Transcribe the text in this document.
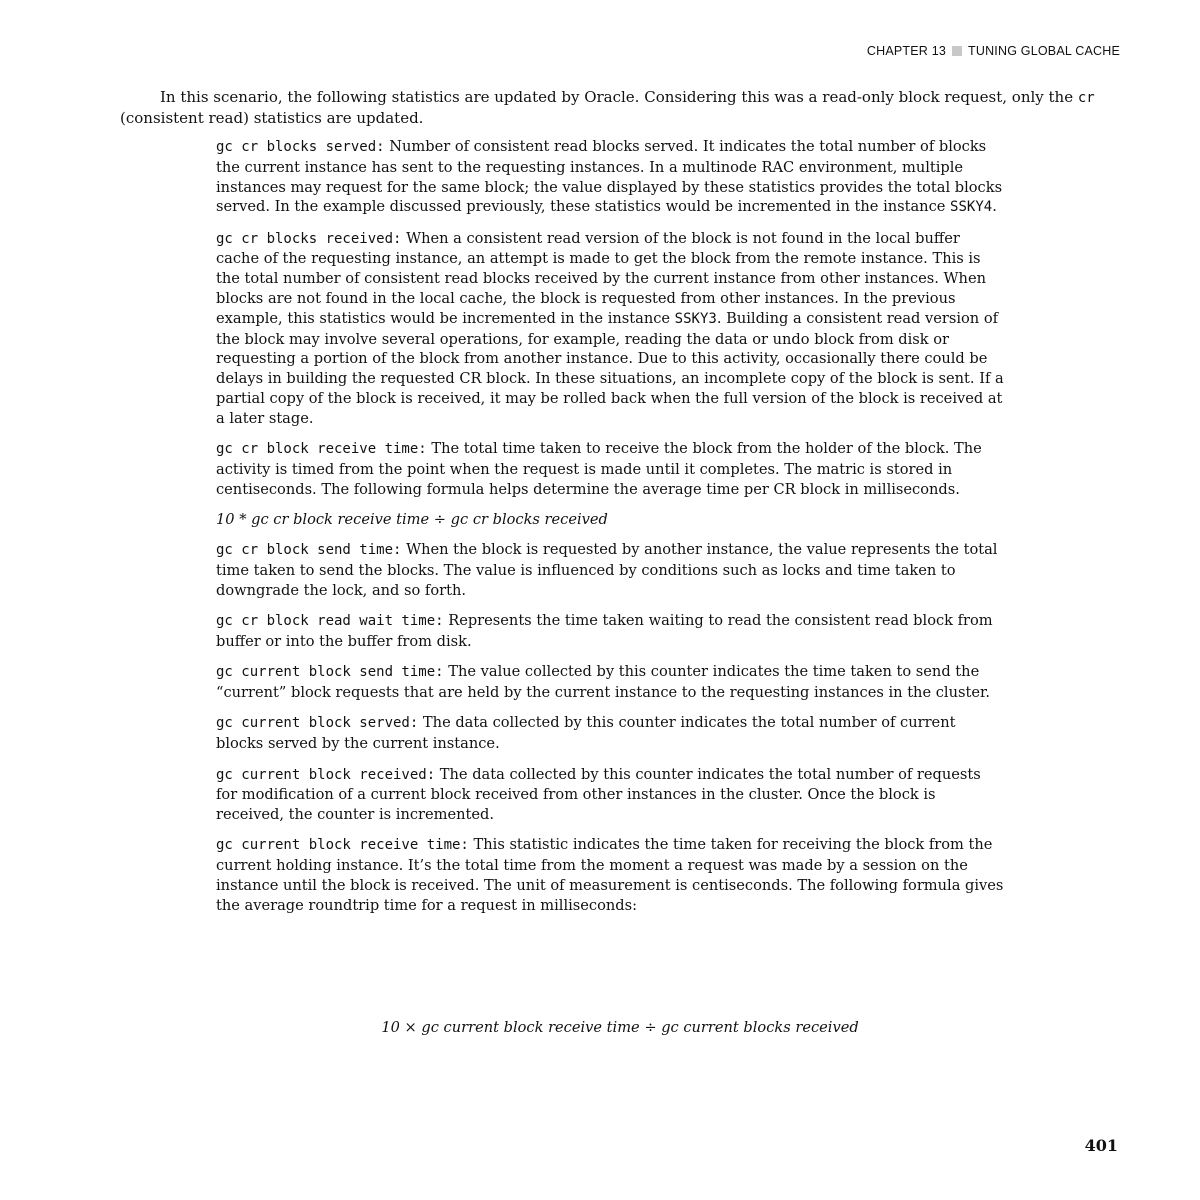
CHAPTER 13 TUNING GLOBAL CACHE

In this scenario, the following statistics are updated by Oracle. Considering this was a read-only block request, only the cr (consistent read) statistics are updated.

gc cr blocks served: Number of consistent read blocks served. It indicates the total number of blocks the current instance has sent to the requesting instances. In a multinode RAC environment, multiple instances may request for the same block; the value displayed by these statistics provides the total blocks served. In the example discussed previously, these statistics would be incremented in the instance SSKY4.

gc cr blocks received: When a consistent read version of the block is not found in the local buffer cache of the requesting instance, an attempt is made to get the block from the remote instance. This is the total number of consistent read blocks received by the current instance from other instances. When blocks are not found in the local cache, the block is requested from other instances. In the previous example, this statistics would be incremented in the instance SSKY3. Building a consistent read version of the block may involve several operations, for example, reading the data or undo block from disk or requesting a portion of the block from another instance. Due to this activity, occasionally there could be delays in building the requested CR block. In these situations, an incomplete copy of the block is sent. If a partial copy of the block is received, it may be rolled back when the full version of the block is received at a later stage.

gc cr block receive time: The total time taken to receive the block from the holder of the block. The activity is timed from the point when the request is made until it completes. The matric is stored in centiseconds. The following formula helps determine the average time per CR block in milliseconds.

10 * gc cr block receive time ÷ gc cr blocks received

gc cr block send time: When the block is requested by another instance, the value represents the total time taken to send the blocks. The value is influenced by conditions such as locks and time taken to downgrade the lock, and so forth.

gc cr block read wait time: Represents the time taken waiting to read the consistent read block from buffer or into the buffer from disk.

gc current block send time: The value collected by this counter indicates the time taken to send the “current” block requests that are held by the current instance to the requesting instances in the cluster.

gc current block served: The data collected by this counter indicates the total number of current blocks served by the current instance.

gc current block received: The data collected by this counter indicates the total number of requests for modification of a current block received from other instances in the cluster. Once the block is received, the counter is incremented.

gc current block receive time: This statistic indicates the time taken for receiving the block from the current holding instance. It’s the total time from the moment a request was made by a session on the instance until the block is received. The unit of measurement is centiseconds. The following formula gives the average roundtrip time for a request in milliseconds:

10 × gc current block receive time ÷ gc current blocks received

401
